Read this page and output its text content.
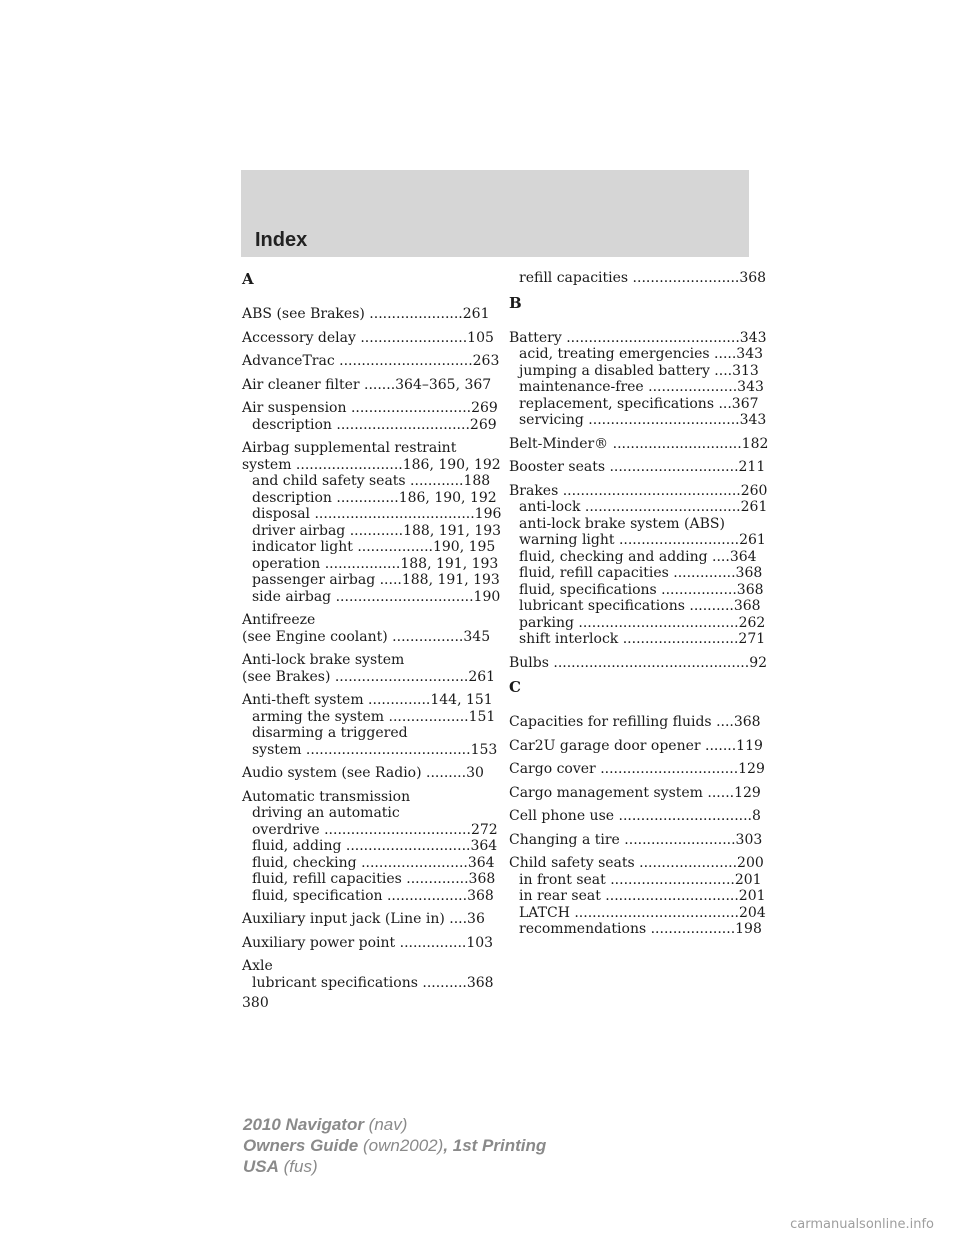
Index
A
ABS (see Brakes) .....................261
Accessory delay ........................105
AdvanceTrac ..............................263
Air cleaner filter .......364–365, 367
Air suspension ...........................269
description ..............................269
Airbag supplemental restraint
system ........................186, 190, 192
and child safety seats ............188
description ..............186, 190, 192
disposal ....................................196
driver airbag ............188, 191, 193
indicator light .................190, 195
operation .................188, 191, 193
passenger airbag .....188, 191, 193
side airbag ...............................190
Antifreeze
(see Engine coolant) ................345
Anti-lock brake system
(see Brakes) ..............................261
Anti-theft system ..............144, 151
arming the system ..................151
disarming a triggered
system .....................................153
Audio system (see Radio) .........30
Automatic transmission
driving an automatic
overdrive .................................272
fluid, adding ............................364
fluid, checking ........................364
fluid, refill capacities ..............368
fluid, specification ..................368
Auxiliary input jack (Line in) ....36
Auxiliary power point ...............103
Axle
lubricant specifications ..........368
380
refill capacities ........................368
B
Battery .......................................343
acid, treating emergencies .....343
jumping a disabled battery ....313
maintenance-free ....................343
replacement, specifications ...367
servicing ..................................343
Belt-Minder® .............................182
Booster seats .............................211
Brakes ........................................260
anti-lock ...................................261
anti-lock brake system (ABS)
warning light ...........................261
fluid, checking and adding ....364
fluid, refill capacities ..............368
fluid, specifications .................368
lubricant specifications ..........368
parking ....................................262
shift interlock ..........................271
Bulbs ............................................92
C
Capacities for refilling fluids ....368
Car2U garage door opener .......119
Cargo cover ...............................129
Cargo management system ......129
Cell phone use ..............................8
Changing a tire .........................303
Child safety seats ......................200
in front seat ............................201
in rear seat ..............................201
LATCH .....................................204
recommendations ...................198
2010 Navigator (nav)
Owners Guide (own2002), 1st Printing
USA (fus)
carmanualsonline.info
